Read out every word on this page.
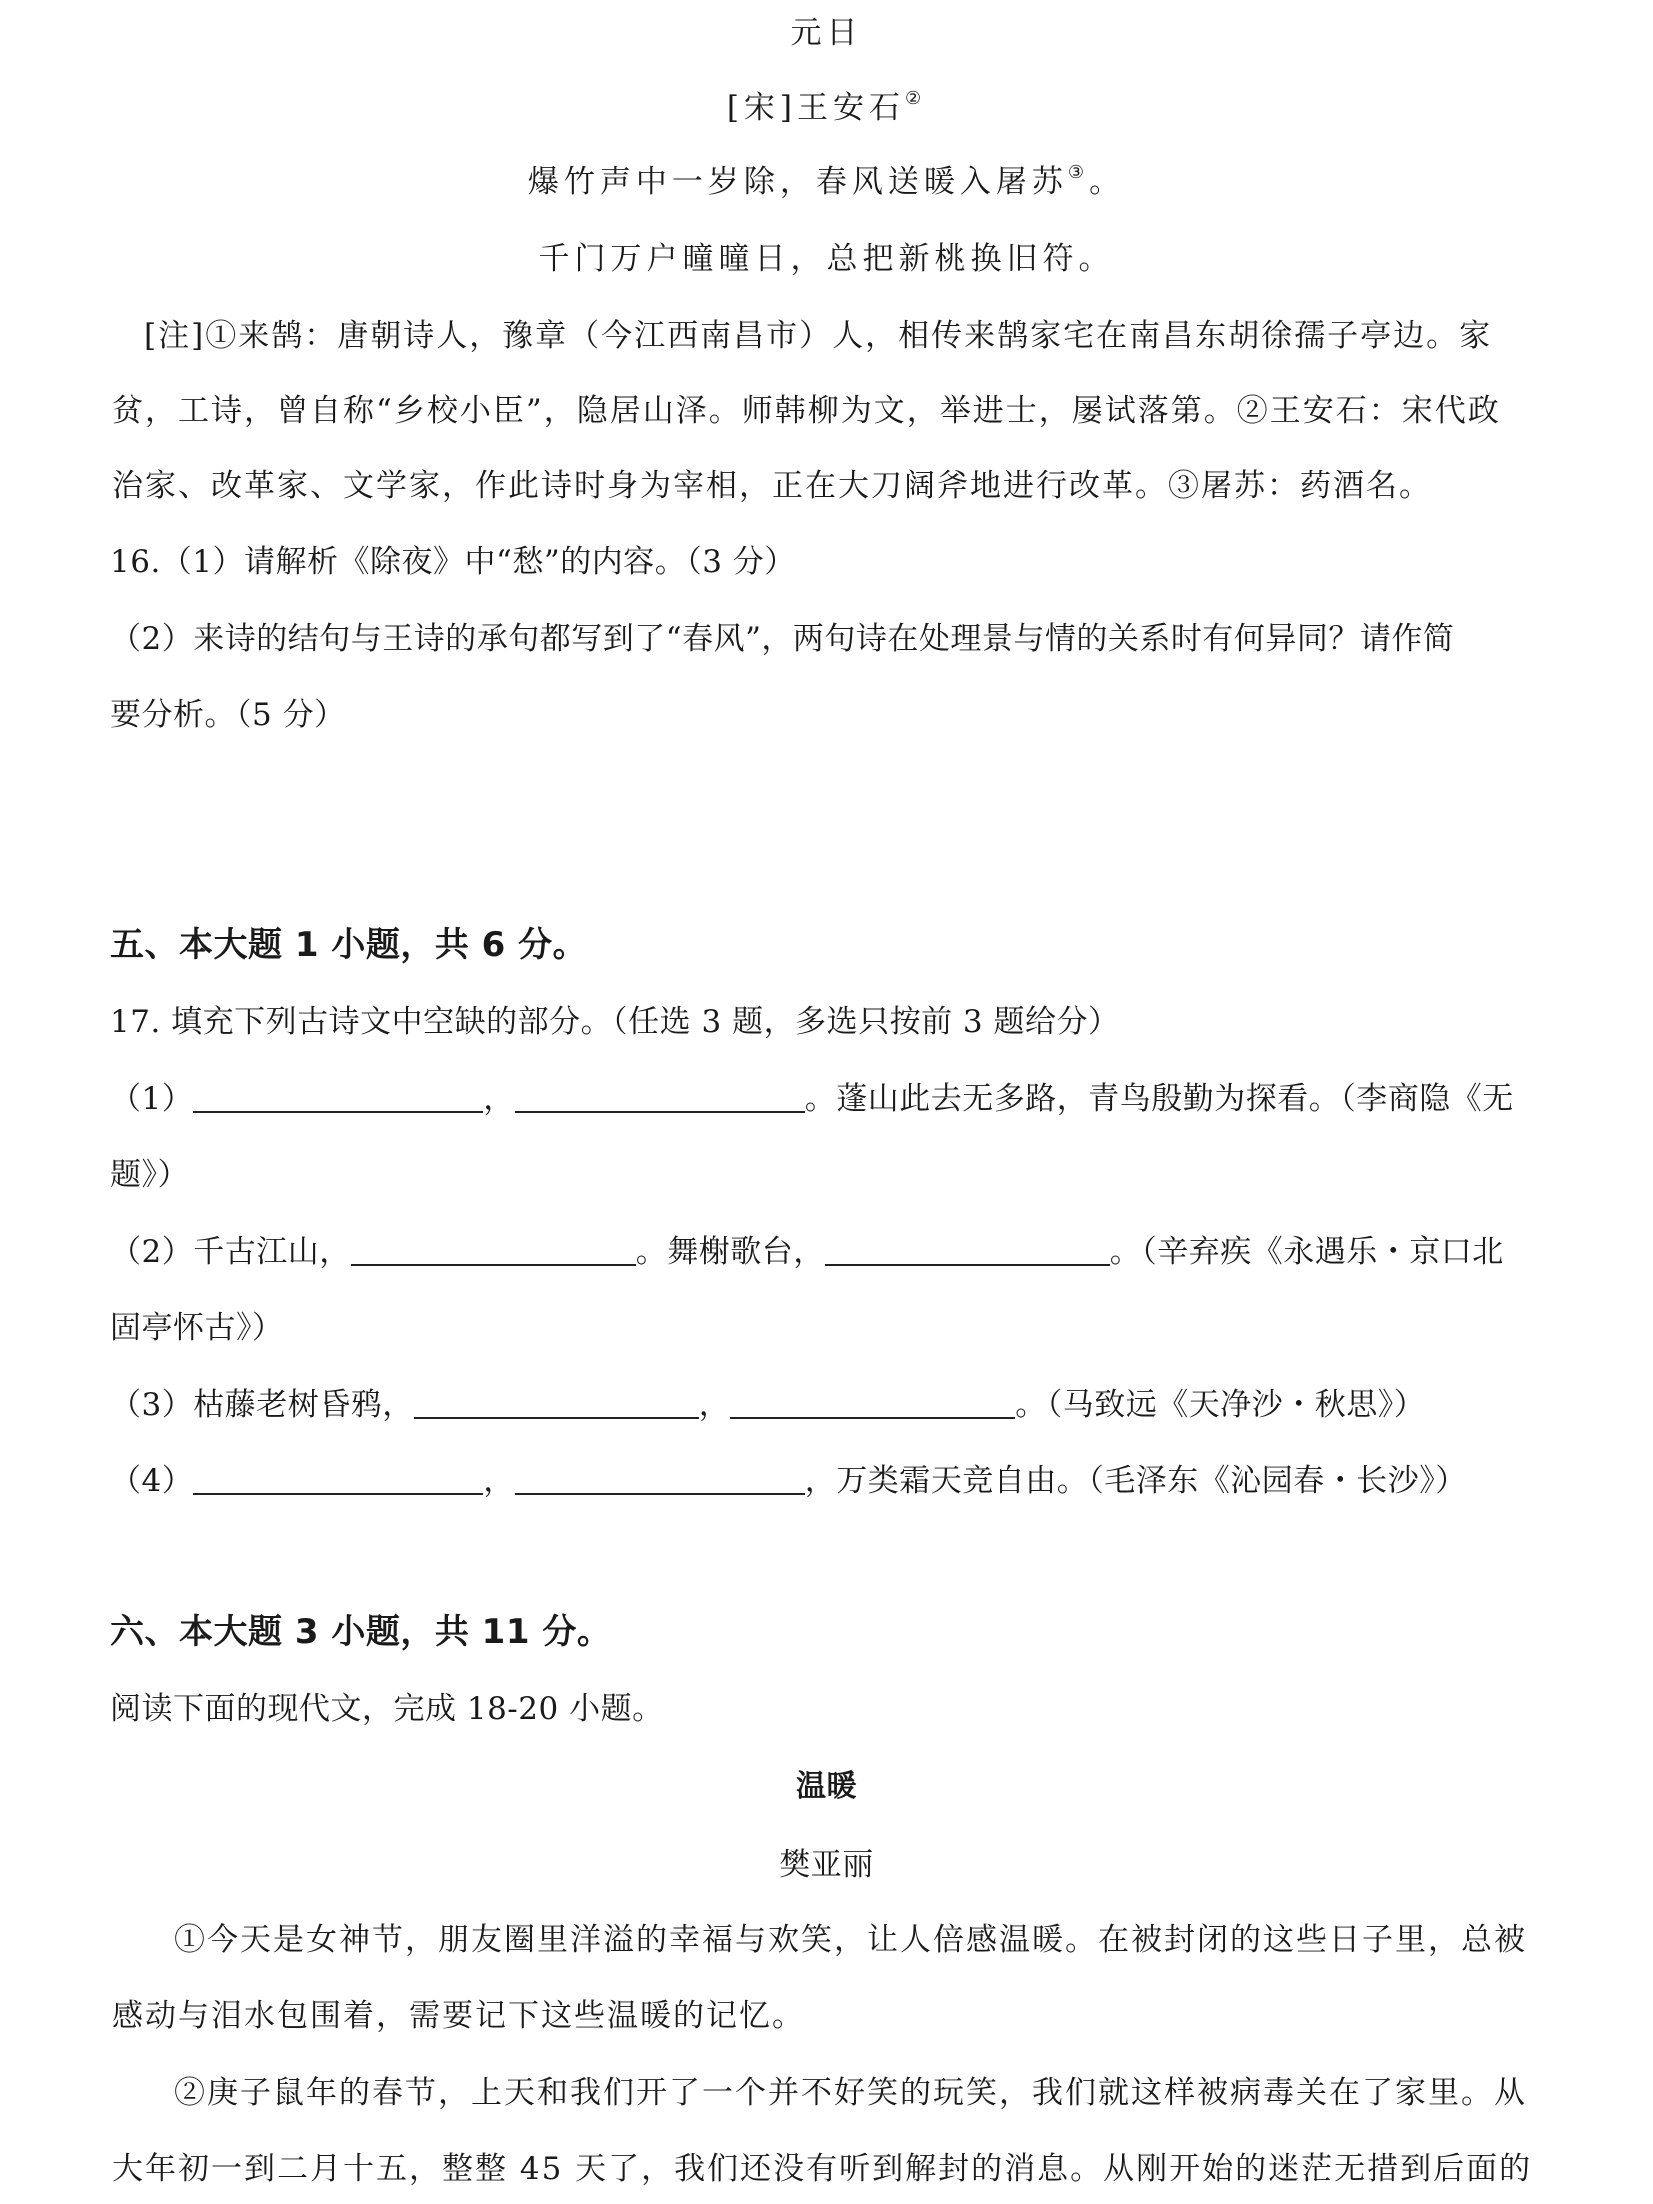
元日
[宋]王安石②
爆竹声中一岁除，春风送暖入屠苏③。
千门万户曈曈日，总把新桃换旧符。
[注]①来鹄：唐朝诗人，豫章（今江西南昌市）人，相传来鹄家宅在南昌东胡徐孺子亭边。家
贫，工诗，曾自称“乡校小臣”，隐居山泽。师韩柳为文，举进士，屡试落第。②王安石：宋代政
治家、改革家、文学家，作此诗时身为宰相，正在大刀阔斧地进行改革。③屠苏：药酒名。
16.（1）请解析《除夜》中“愁”的内容。（3 分）
（2）来诗的结句与王诗的承句都写到了“春风”，两句诗在处理景与情的关系时有何异同？请作简
要分析。（5 分）
五、本大题 1 小题，共 6 分。
17. 填充下列古诗文中空缺的部分。（任选 3 题，多选只按前 3 题给分）
（1）	，	。蓬山此去无多路，青鸟殷勤为探看。（李商隐《无
题》）
（2）千古江山，	。舞榭歌台，	。（辛弃疾《永遇乐・京口北
固亭怀古》）
（3）枯藤老树昏鸦，	，	。（马致远《天净沙・秋思》）
（4）	，	，万类霜天竞自由。（毛泽东《沁园春・长沙》）
六、本大题 3 小题，共 11 分。
阅读下面的现代文，完成 18-20 小题。
温暖
樊亚丽
①今天是女神节，朋友圈里洋溢的幸福与欢笑，让人倍感温暖。在被封闭的这些日子里，总被
感动与泪水包围着，需要记下这些温暖的记忆。
②庚子鼠年的春节，上天和我们开了一个并不好笑的玩笑，我们就这样被病毒关在了家里。从
大年初一到二月十五，整整 45 天了，我们还没有听到解封的消息。从刚开始的迷茫无措到后面的
